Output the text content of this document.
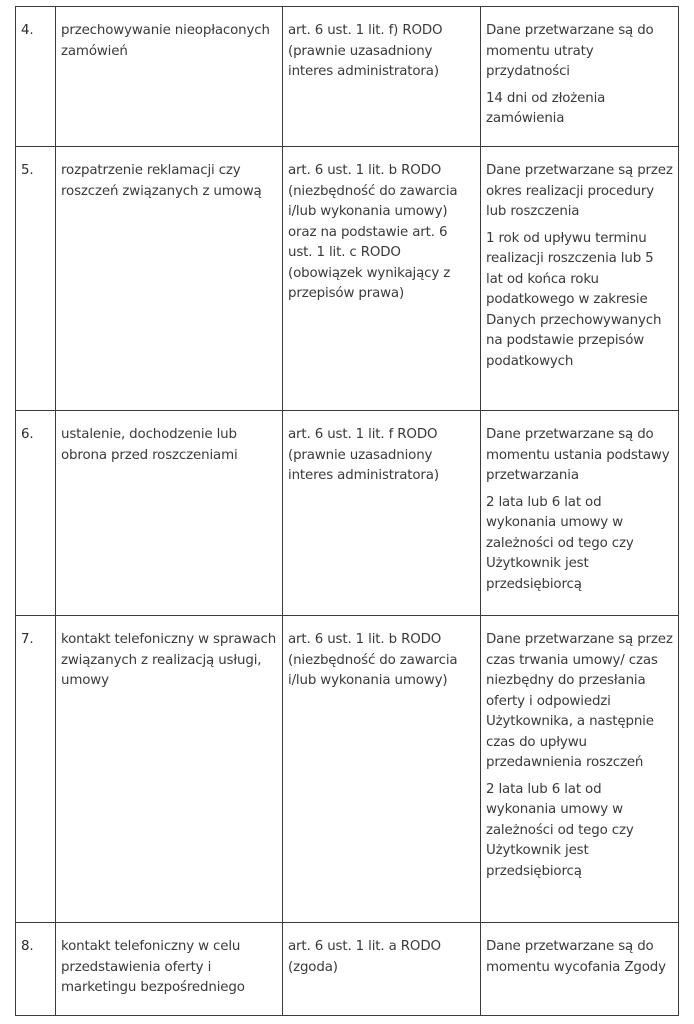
4.	przechowywanie nieopłaconych zamówień	art. 6 ust. 1 lit. f) RODO (prawnie uzasadniony interes administratora)	Dane przetwarzane są do momentu utraty przydatności
14 dni od złożenia zamówienia

5.	rozpatrzenie reklamacji czy roszczeń związanych z umową	art. 6 ust. 1 lit. b RODO (niezbędność do zawarcia i/lub wykonania umowy) oraz na podstawie art. 6 ust. 1 lit. c RODO (obowiązek wynikający z przepisów prawa)	Dane przetwarzane są przez okres realizacji procedury lub roszczenia
1 rok od upływu terminu realizacji roszczenia lub 5 lat od końca roku podatkowego w zakresie Danych przechowywanych na podstawie przepisów podatkowych

6.	ustalenie, dochodzenie lub obrona przed roszczeniami	art. 6 ust. 1 lit. f RODO (prawnie uzasadniony interes administratora)	Dane przetwarzane są do momentu ustania podstawy przetwarzania
2 lata lub 6 lat od wykonania umowy w zależności od tego czy Użytkownik jest przedsiębiorcą

7.	kontakt telefoniczny w sprawach związanych z realizacją usługi, umowy	art. 6 ust. 1 lit. b RODO (niezbędność do zawarcia i/lub wykonania umowy)	Dane przetwarzane są przez czas trwania umowy/ czas niezbędny do przesłania oferty i odpowiedzi Użytkownika, a następnie czas do upływu przedawnienia roszczeń
2 lata lub 6 lat od wykonania umowy w zależności od tego czy Użytkownik jest przedsiębiorcą

8.	kontakt telefoniczny w celu przedstawienia oferty i marketingu bezpośredniego	art. 6 ust. 1 lit. a RODO (zgoda)	Dane przetwarzane są do momentu wycofania Zgody
